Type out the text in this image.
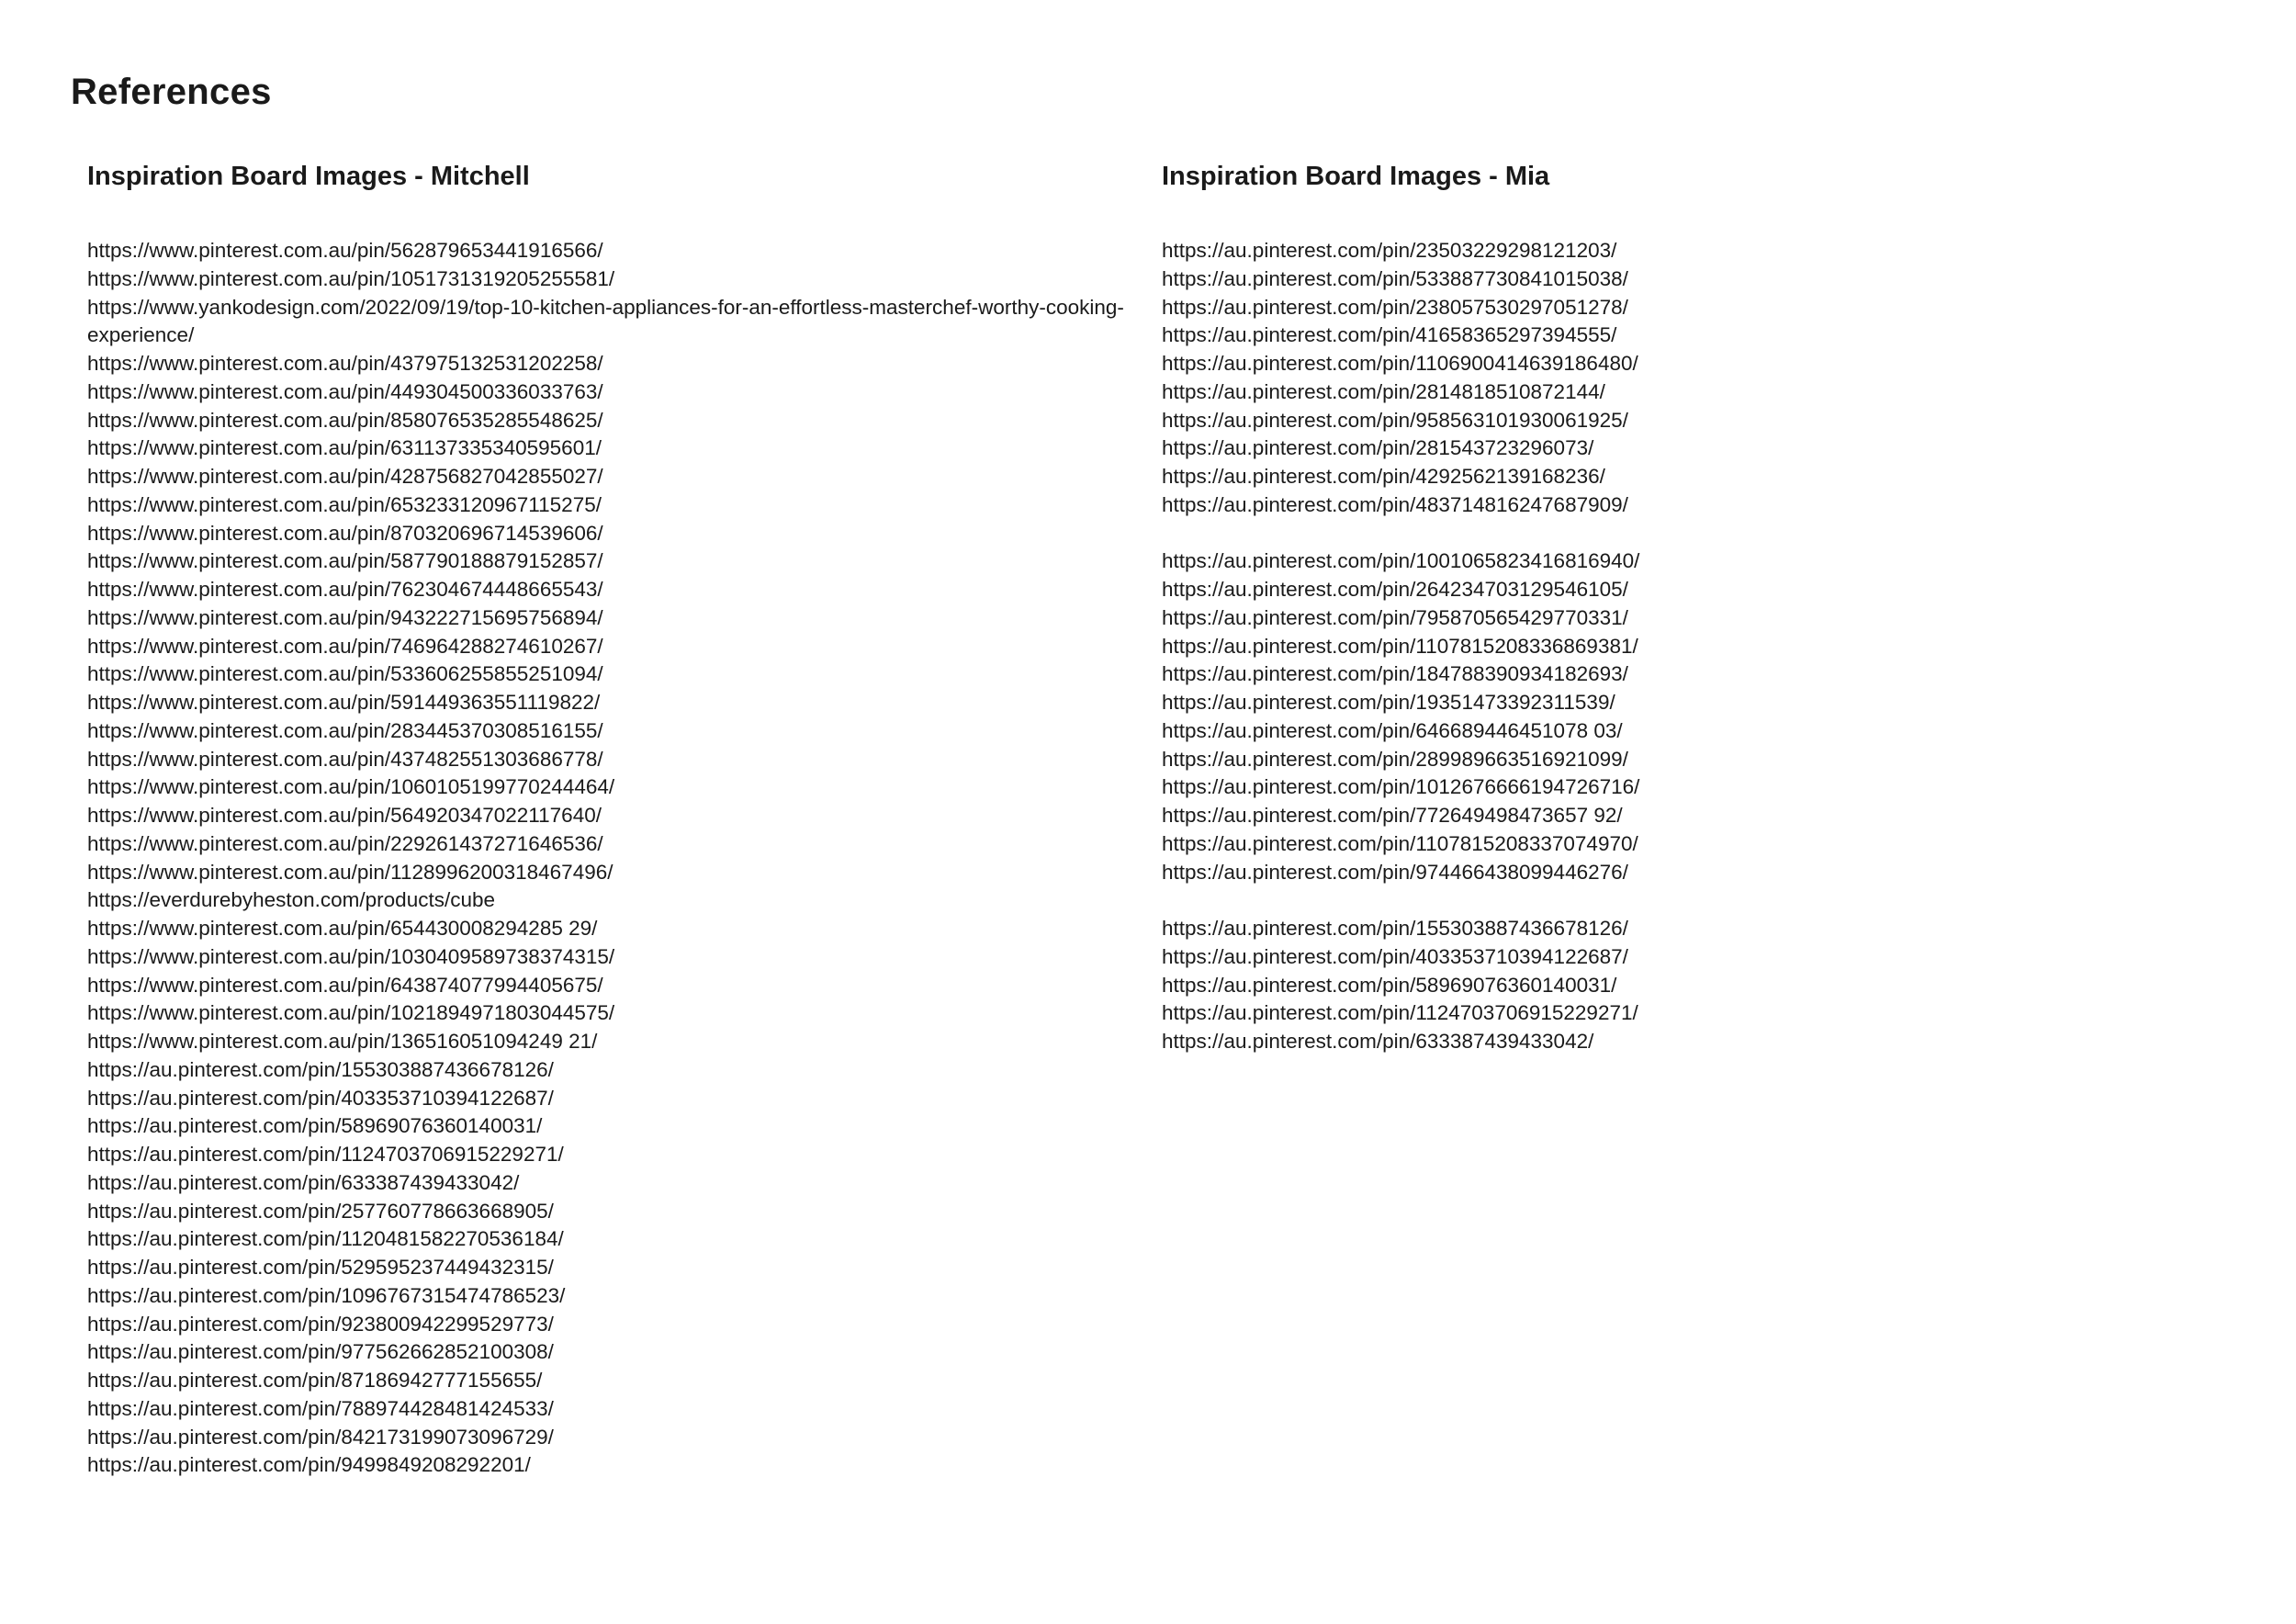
References
Inspiration Board Images - Mitchell
https://www.pinterest.com.au/pin/562879653441916566/
https://www.pinterest.com.au/pin/1051731319205255581/
https://www.yankodesign.com/2022/09/19/top-10-kitchen-appliances-for-an-effortless-masterchef-worthy-cooking-experience/
https://www.pinterest.com.au/pin/437975132531202258/
https://www.pinterest.com.au/pin/449304500336033763/
https://www.pinterest.com.au/pin/858076535285548625/
https://www.pinterest.com.au/pin/631137335340595601/
https://www.pinterest.com.au/pin/428756827042855027/
https://www.pinterest.com.au/pin/653233120967115275/
https://www.pinterest.com.au/pin/870320696714539606/
https://www.pinterest.com.au/pin/587790188879152857/
https://www.pinterest.com.au/pin/762304674448665543/
https://www.pinterest.com.au/pin/943222715695756894/
https://www.pinterest.com.au/pin/746964288274610267/
https://www.pinterest.com.au/pin/533606255855251094/
https://www.pinterest.com.au/pin/591449363551119822/
https://www.pinterest.com.au/pin/283445370308516155/
https://www.pinterest.com.au/pin/437482551303686778/
https://www.pinterest.com.au/pin/1060105199770244464/
https://www.pinterest.com.au/pin/564920347022117640/
https://www.pinterest.com.au/pin/229261437271646536/
https://www.pinterest.com.au/pin/1128996200318467496/
https://everdurebyheston.com/products/cube
https://www.pinterest.com.au/pin/654430008294285 29/
https://www.pinterest.com.au/pin/1030409589738374315/
https://www.pinterest.com.au/pin/643874077994405675/
https://www.pinterest.com.au/pin/1021894971803044575/
https://www.pinterest.com.au/pin/136516051094249 21/
https://au.pinterest.com/pin/155303887436678126/
https://au.pinterest.com/pin/403353710394122687/
https://au.pinterest.com/pin/58969076360140031/
https://au.pinterest.com/pin/1124703706915229271/
https://au.pinterest.com/pin/633387439433042/
https://au.pinterest.com/pin/257760778663668905/
https://au.pinterest.com/pin/1120481582270536184/
https://au.pinterest.com/pin/529595237449432315/
https://au.pinterest.com/pin/1096767315474786523/
https://au.pinterest.com/pin/923800942299529773/
https://au.pinterest.com/pin/977562662852100308/
https://au.pinterest.com/pin/87186942777155655/
https://au.pinterest.com/pin/788974428481424533/
https://au.pinterest.com/pin/842173199073096729/
https://au.pinterest.com/pin/9499849208292201/
Inspiration Board Images - Mia
https://au.pinterest.com/pin/23503229298121203/
https://au.pinterest.com/pin/533887730841015038/
https://au.pinterest.com/pin/238057530297051278/
https://au.pinterest.com/pin/41658365297394555/
https://au.pinterest.com/pin/1106900414639186480/
https://au.pinterest.com/pin/2814818510872144/
https://au.pinterest.com/pin/958563101930061925/
https://au.pinterest.com/pin/281543723296073/
https://au.pinterest.com/pin/4292562139168236/
https://au.pinterest.com/pin/483714816247687909/
https://au.pinterest.com/pin/1001065823416816940/
https://au.pinterest.com/pin/264234703129546105/
https://au.pinterest.com/pin/795870565429770331/
https://au.pinterest.com/pin/1107815208336869381/
https://au.pinterest.com/pin/184788390934182693/
https://au.pinterest.com/pin/19351473392311539/
https://au.pinterest.com/pin/646689446451078 03/
https://au.pinterest.com/pin/289989663516921099/
https://au.pinterest.com/pin/1012676666194726716/
https://au.pinterest.com/pin/772649498473657 92/
https://au.pinterest.com/pin/1107815208337074970/
https://au.pinterest.com/pin/974466438099446276/
https://au.pinterest.com/pin/155303887436678126/
https://au.pinterest.com/pin/403353710394122687/
https://au.pinterest.com/pin/58969076360140031/
https://au.pinterest.com/pin/1124703706915229271/
https://au.pinterest.com/pin/633387439433042/
